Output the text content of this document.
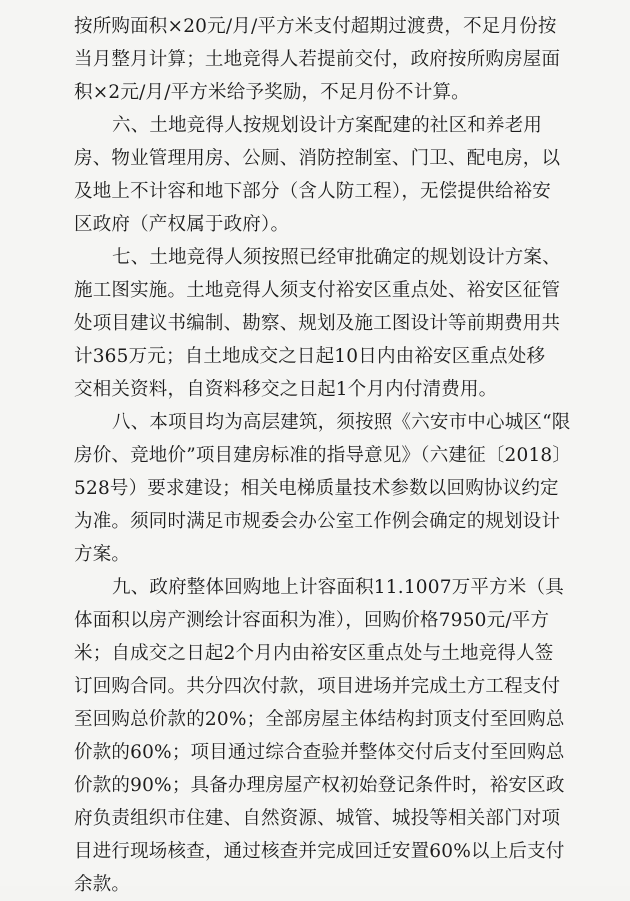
按所购面积×20元/月/平方米支付超期过渡费，不足月份按
当月整月计算；土地竞得人若提前交付，政府按所购房屋面
积×2元/月/平方米给予奖励，不足月份不计算。
六、土地竞得人按规划设计方案配建的社区和养老用
房、物业管理用房、公厕、消防控制室、门卫、配电房，以
及地上不计容和地下部分（含人防工程），无偿提供给裕安
区政府（产权属于政府）。
七、土地竞得人须按照已经审批确定的规划设计方案、
施工图实施。土地竞得人须支付裕安区重点处、裕安区征管
处项目建议书编制、勘察、规划及施工图设计等前期费用共
计365万元；自土地成交之日起10日内由裕安区重点处移
交相关资料，自资料移交之日起1个月内付清费用。
八、本项目均为高层建筑，须按照《六安市中心城区“限
房价、竞地价”项目建房标准的指导意见》（六建征〔2018〕
528号）要求建设；相关电梯质量技术参数以回购协议约定
为准。须同时满足市规委会办公室工作例会确定的规划设计
方案。
九、政府整体回购地上计容面积11.1007万平方米（具
体面积以房产测绘计容面积为准），回购价格7950元/平方
米；自成交之日起2个月内由裕安区重点处与土地竞得人签
订回购合同。共分四次付款，项目进场并完成土方工程支付
至回购总价款的20%；全部房屋主体结构封顶支付至回购总
价款的60%；项目通过综合查验并整体交付后支付至回购总
价款的90%；具备办理房屋产权初始登记条件时，裕安区政
府负责组织市住建、自然资源、城管、城投等相关部门对项
目进行现场核查，通过核查并完成回迁安置60%以上后支付
余款。
